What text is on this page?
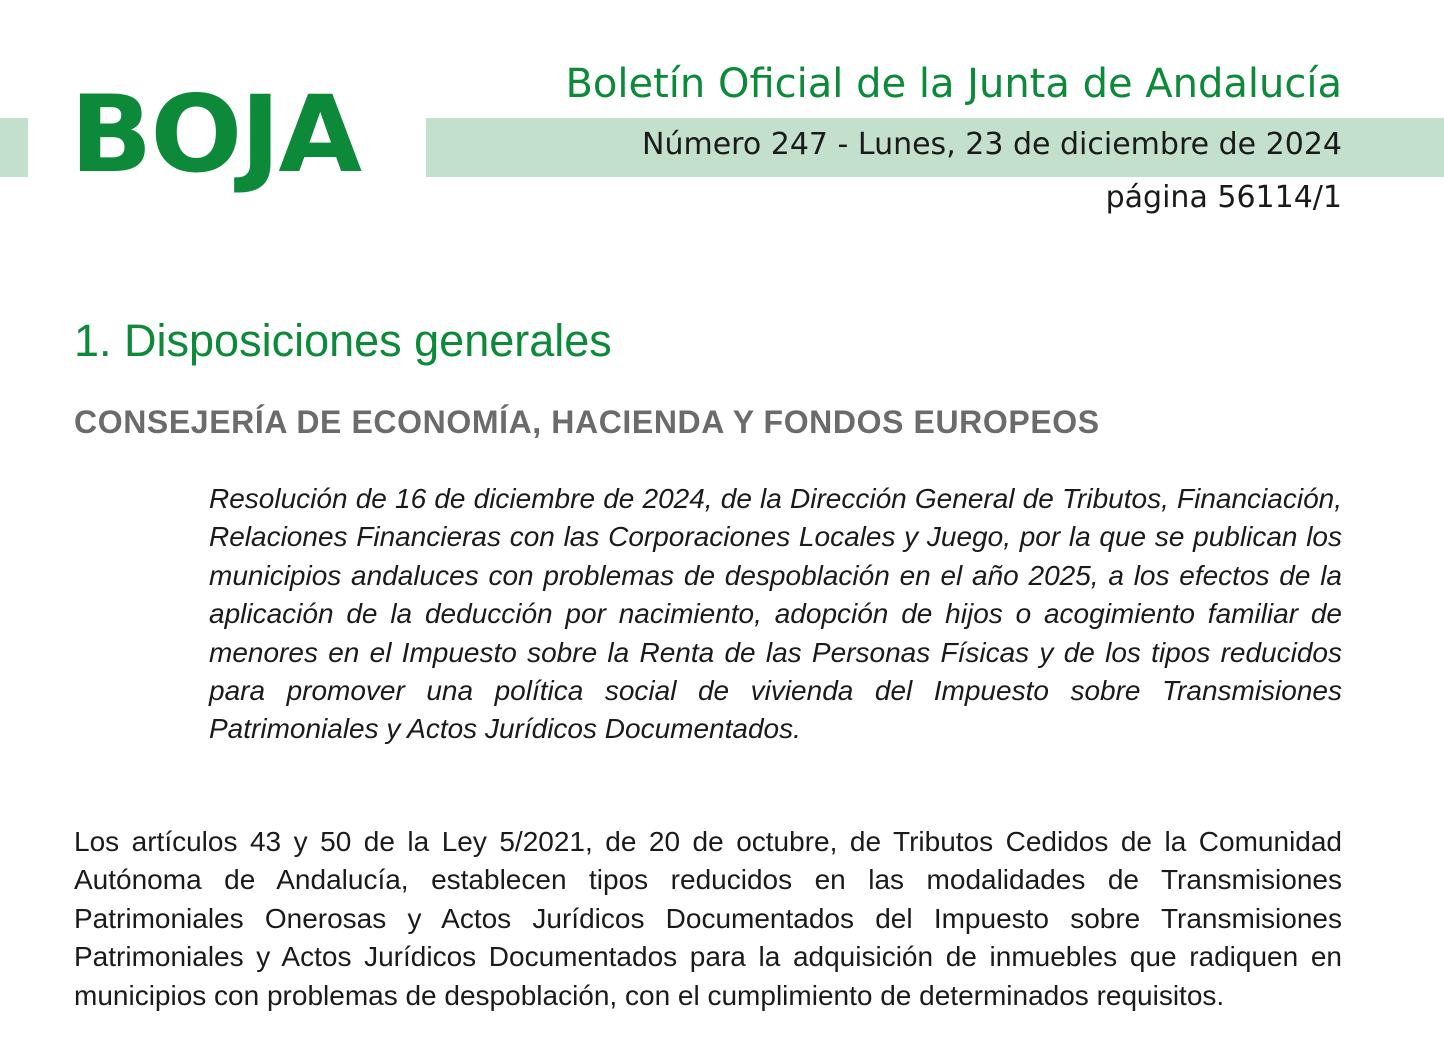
BOJA	Boletín Oficial de la Junta de Andalucía
Número 247 - Lunes, 23 de diciembre de 2024
página 56114/1
1. Disposiciones generales
CONSEJERÍA DE ECONOMÍA, HACIENDA Y FONDOS EUROPEOS

Resolución de 16 de diciembre de 2024, de la Dirección General de Tributos, Financiación, Relaciones Financieras con las Corporaciones Locales y Juego, por la que se publican los municipios andaluces con problemas de despoblación en el año 2025, a los efectos de la aplicación de la deducción por nacimiento, adopción de hijos o acogimiento familiar de menores en el Impuesto sobre la Renta de las Personas Físicas y de los tipos reducidos para promover una política social de vivienda del Impuesto sobre Transmisiones Patrimoniales y Actos Jurídicos Documentados.

Los artículos 43 y 50 de la Ley 5/2021, de 20 de octubre, de Tributos Cedidos de la Comunidad Autónoma de Andalucía, establecen tipos reducidos en las modalidades de Transmisiones Patrimoniales Onerosas y Actos Jurídicos Documentados del Impuesto sobre Transmisiones Patrimoniales y Actos Jurídicos Documentados para la adquisición de inmuebles que radiquen en municipios con problemas de despoblación, con el cumplimiento de determinados requisitos.
